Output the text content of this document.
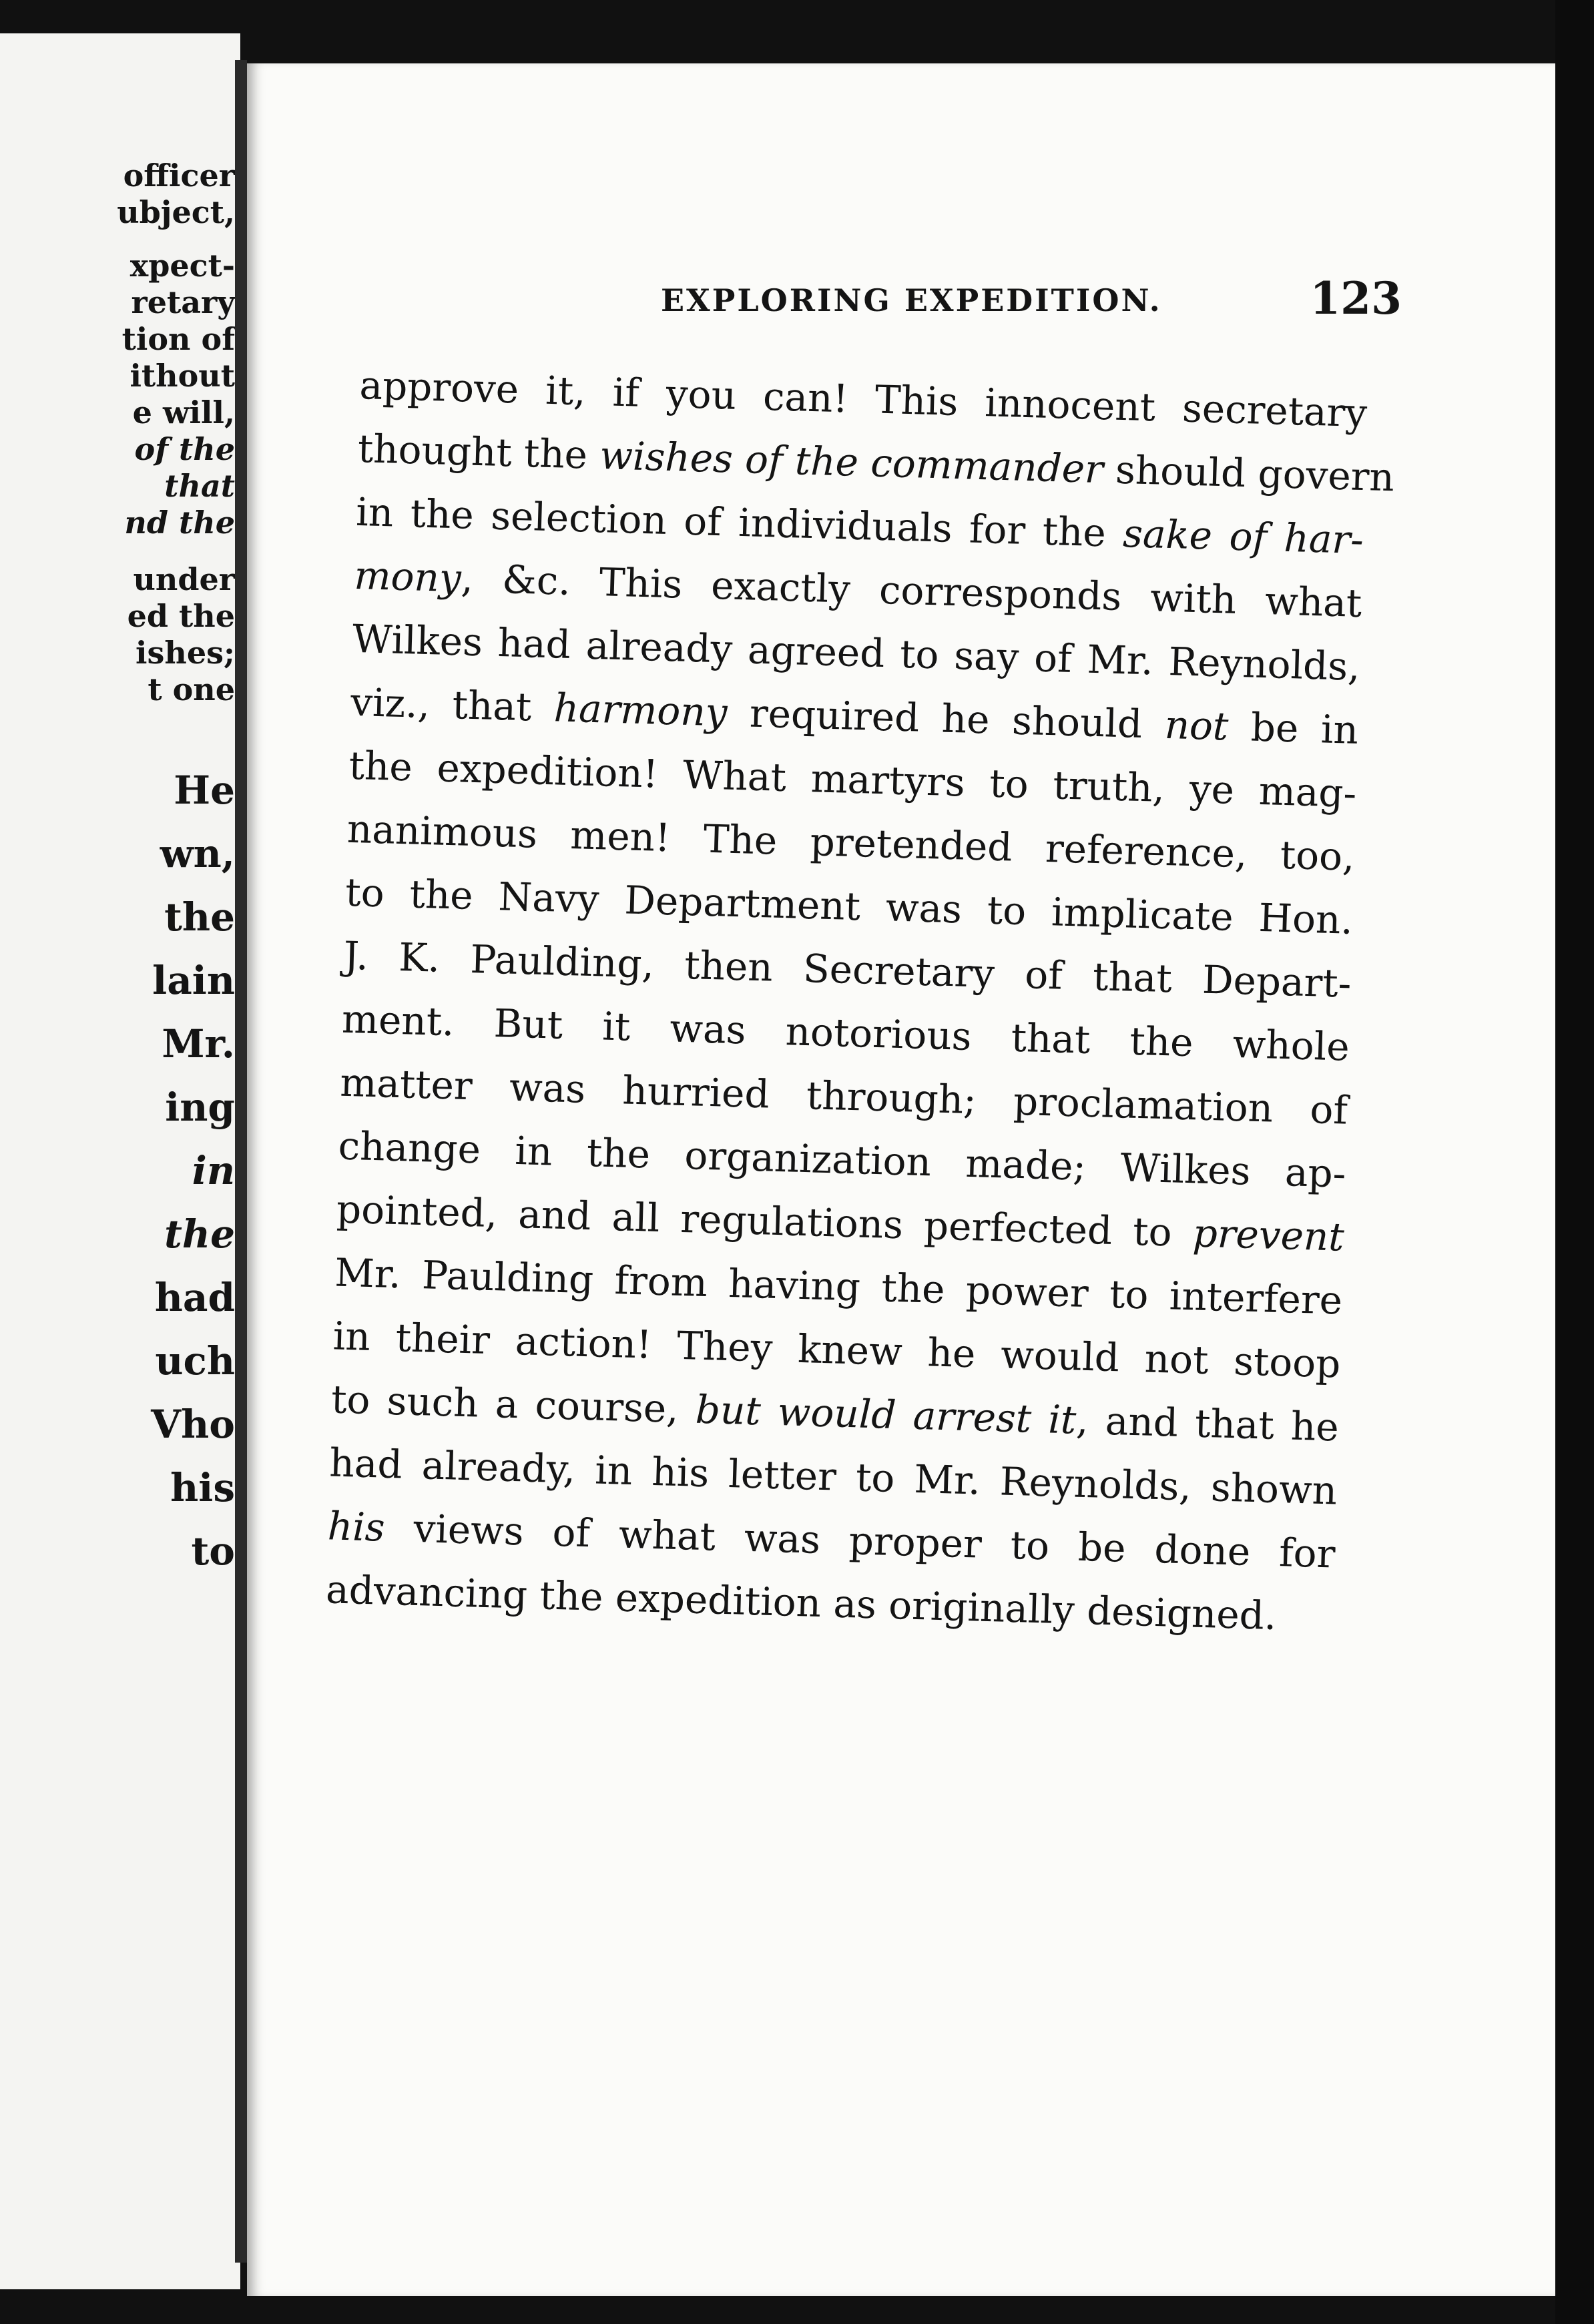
officer
ubject,
xpect-
retary
tion of
ithout
e will,
of the
that
nd the
under
ed the
ishes;
t one
He
wn,
the
lain
Mr.
ing
in
the
had
uch
Vho
his
to
EXPLORING EXPEDITION.	123
approve it, if you can! This innocent secretary
thought the wishes of the commander should govern
in the selection of individuals for the sake of har-
mony, &c. This exactly corresponds with what
Wilkes had already agreed to say of Mr. Reynolds,
viz., that harmony required he should not be in
the expedition! What martyrs to truth, ye mag-
nanimous men! The pretended reference, too,
to the Navy Department was to implicate Hon.
J. K. Paulding, then Secretary of that Depart-
ment. But it was notorious that the whole
matter was hurried through; proclamation of
change in the organization made; Wilkes ap-
pointed, and all regulations perfected to prevent
Mr. Paulding from having the power to interfere
in their action! They knew he would not stoop
to such a course, but would arrest it, and that he
had already, in his letter to Mr. Reynolds, shown
his views of what was proper to be done for
advancing the expedition as originally designed.
